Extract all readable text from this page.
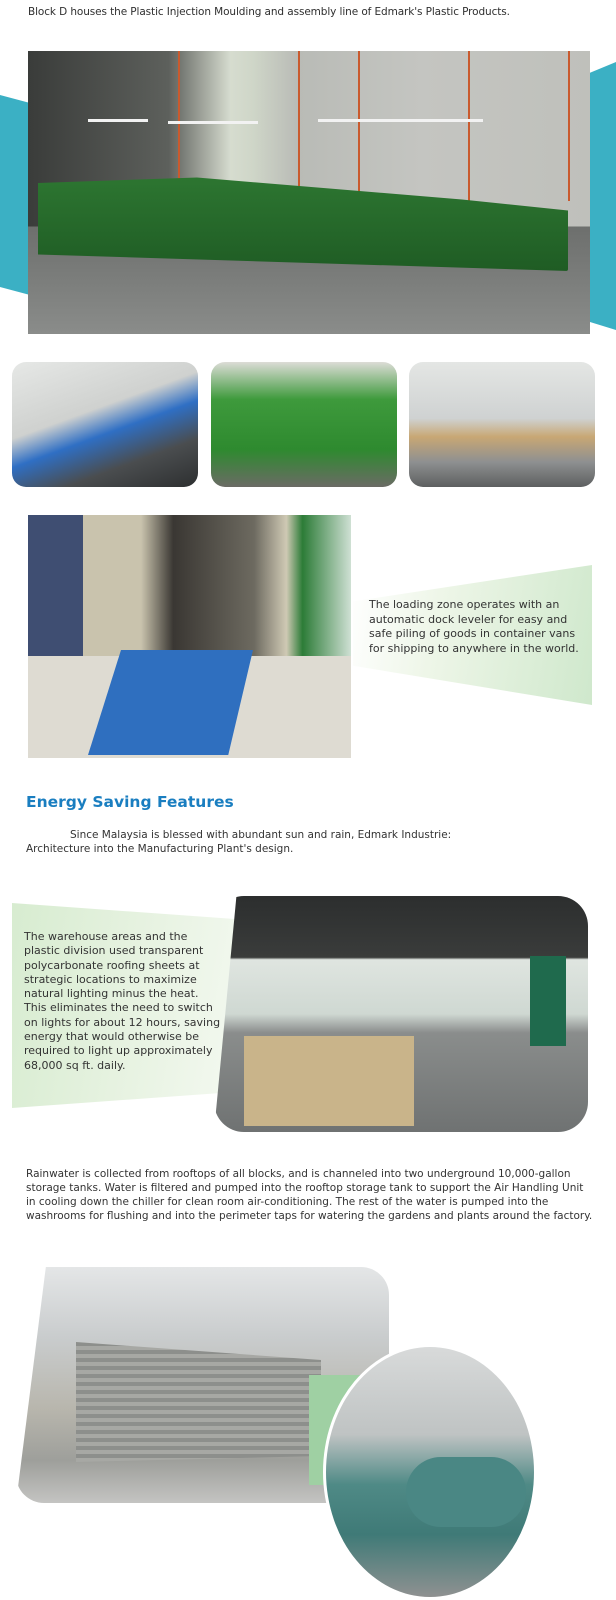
Block D houses the Plastic Injection Moulding and assembly line of Edmark's Plastic Products.
The loading zone operates with an automatic dock leveler for easy and safe piling of goods in container vans for shipping to anywhere in the world.
Energy Saving Features
Since Malaysia is blessed with abundant sun and rain, Edmark Industrie:
Architecture into the Manufacturing Plant's design.
The warehouse areas and the plastic division used transparent polycarbonate roofing sheets at strategic locations to maximize natural lighting minus the heat. This eliminates the need to switch on lights for about 12 hours, saving energy that would otherwise be required to light up approximately 68,000 sq ft. daily.
Rainwater is collected from rooftops of all blocks, and is channeled into two underground 10,000-gallon storage tanks. Water is filtered and pumped into the rooftop storage tank to support the Air Handling Unit in cooling down the chiller for clean room air-conditioning. The rest of the water is pumped into the washrooms for flushing and into the perimeter taps for watering the gardens and plants around the factory.
